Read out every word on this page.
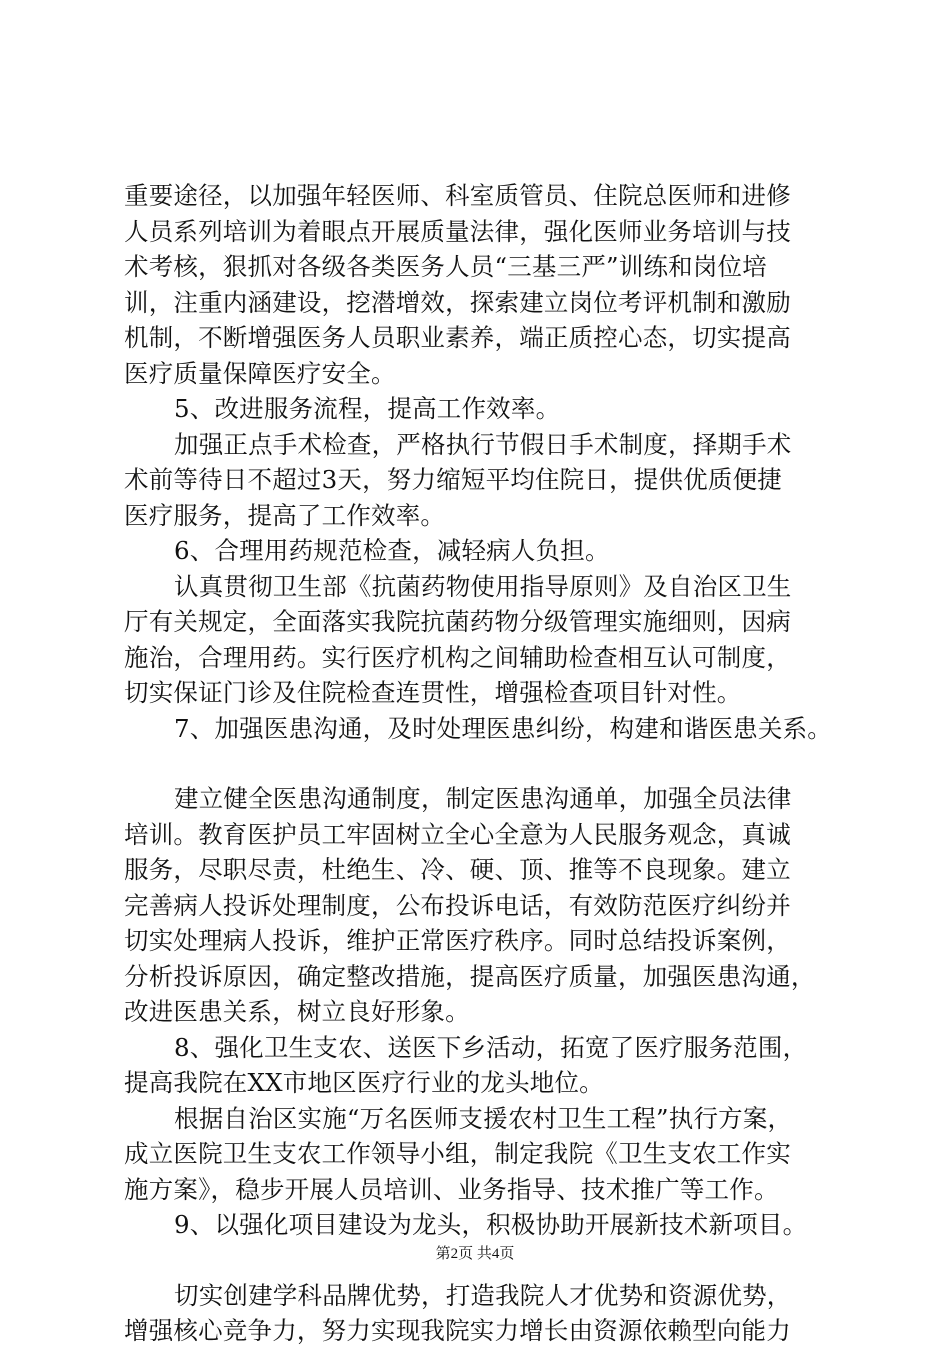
重要途径，以加强年轻医师、科室质管员、住院总医师和进修
人员系列培训为着眼点开展质量法律，强化医师业务培训与技
术考核，狠抓对各级各类医务人员“三基三严”训练和岗位培
训，注重内涵建设，挖潜增效，探索建立岗位考评机制和激励
机制，不断增强医务人员职业素养，端正质控心态，切实提高
医疗质量保障医疗安全。
5、改进服务流程，提高工作效率。
加强正点手术检查，严格执行节假日手术制度，择期手术
术前等待日不超过3天，努力缩短平均住院日，提供优质便捷
医疗服务，提高了工作效率。
6、合理用药规范检查，减轻病人负担。
认真贯彻卫生部《抗菌药物使用指导原则》及自治区卫生
厅有关规定，全面落实我院抗菌药物分级管理实施细则，因病
施治，合理用药。实行医疗机构之间辅助检查相互认可制度，
切实保证门诊及住院检查连贯性，增强检查项目针对性。
7、加强医患沟通，及时处理医患纠纷，构建和谐医患关系。
建立健全医患沟通制度，制定医患沟通单，加强全员法律
培训。教育医护员工牢固树立全心全意为人民服务观念，真诚
服务，尽职尽责，杜绝生、冷、硬、顶、推等不良现象。建立
完善病人投诉处理制度，公布投诉电话，有效防范医疗纠纷并
切实处理病人投诉，维护正常医疗秩序。同时总结投诉案例，
分析投诉原因，确定整改措施，提高医疗质量，加强医患沟通，
改进医患关系，树立良好形象。
8、强化卫生支农、送医下乡活动，拓宽了医疗服务范围，
提高我院在XX市地区医疗行业的龙头地位。
根据自治区实施“万名医师支援农村卫生工程”执行方案，
成立医院卫生支农工作领导小组，制定我院《卫生支农工作实
施方案》，稳步开展人员培训、业务指导、技术推广等工作。
9、以强化项目建设为龙头，积极协助开展新技术新项目。
切实创建学科品牌优势，打造我院人才优势和资源优势，
增强核心竞争力，努力实现我院实力增长由资源依赖型向能力
第2页 共4页
